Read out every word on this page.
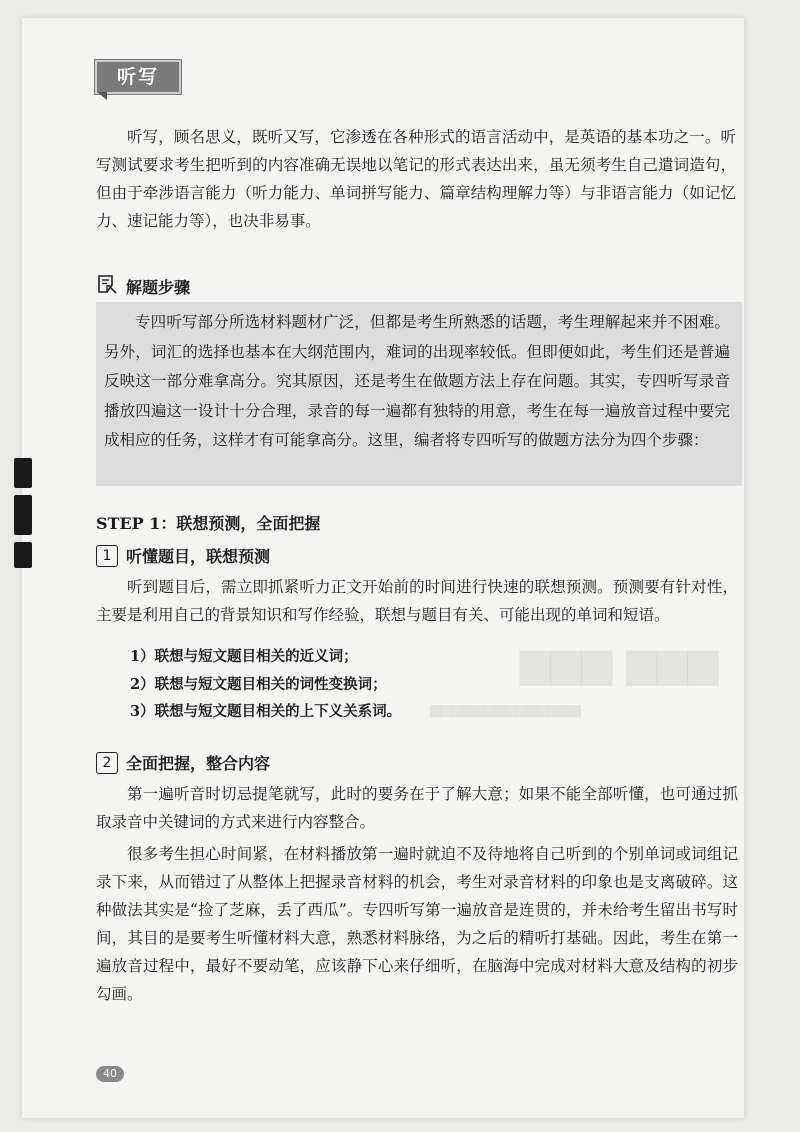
听写

听写，顾名思义，既听又写，它渗透在各种形式的语言活动中，是英语的基本功之一。听写测试要求考生把听到的内容准确无误地以笔记的形式表达出来，虽无须考生自己遣词造句，但由于牵涉语言能力（听力能力、单词拼写能力、篇章结构理解力等）与非语言能力（如记忆力、速记能力等），也决非易事。

解题步骤

专四听写部分所选材料题材广泛，但都是考生所熟悉的话题，考生理解起来并不困难。另外，词汇的选择也基本在大纲范围内，难词的出现率较低。但即便如此，考生们还是普遍反映这一部分难拿高分。究其原因，还是考生在做题方法上存在问题。其实，专四听写录音播放四遍这一设计十分合理，录音的每一遍都有独特的用意，考生在每一遍放音过程中要完成相应的任务，这样才有可能拿高分。这里，编者将专四听写的做题方法分为四个步骤：

STEP 1：联想预测，全面把握
1 听懂题目，联想预测

听到题目后，需立即抓紧听力正文开始前的时间进行快速的联想预测。预测要有针对性，主要是利用自己的背景知识和写作经验，联想与题目有关、可能出现的单词和短语。

1）联想与短文题目相关的近义词；
2）联想与短文题目相关的词性变换词；
3）联想与短文题目相关的上下义关系词。
2 全面把握，整合内容

第一遍听音时切忌提笔就写，此时的要务在于了解大意；如果不能全部听懂，也可通过抓取录音中关键词的方式来进行内容整合。

很多考生担心时间紧，在材料播放第一遍时就迫不及待地将自己听到的个别单词或词组记录下来，从而错过了从整体上把握录音材料的机会，考生对录音材料的印象也是支离破碎。这种做法其实是“捡了芝麻，丢了西瓜”。专四听写第一遍放音是连贯的，并未给考生留出书写时间，其目的是要考生听懂材料大意，熟悉材料脉络，为之后的精听打基础。因此，考生在第一遍放音过程中，最好不要动笔，应该静下心来仔细听，在脑海中完成对材料大意及结构的初步勾画。

40
